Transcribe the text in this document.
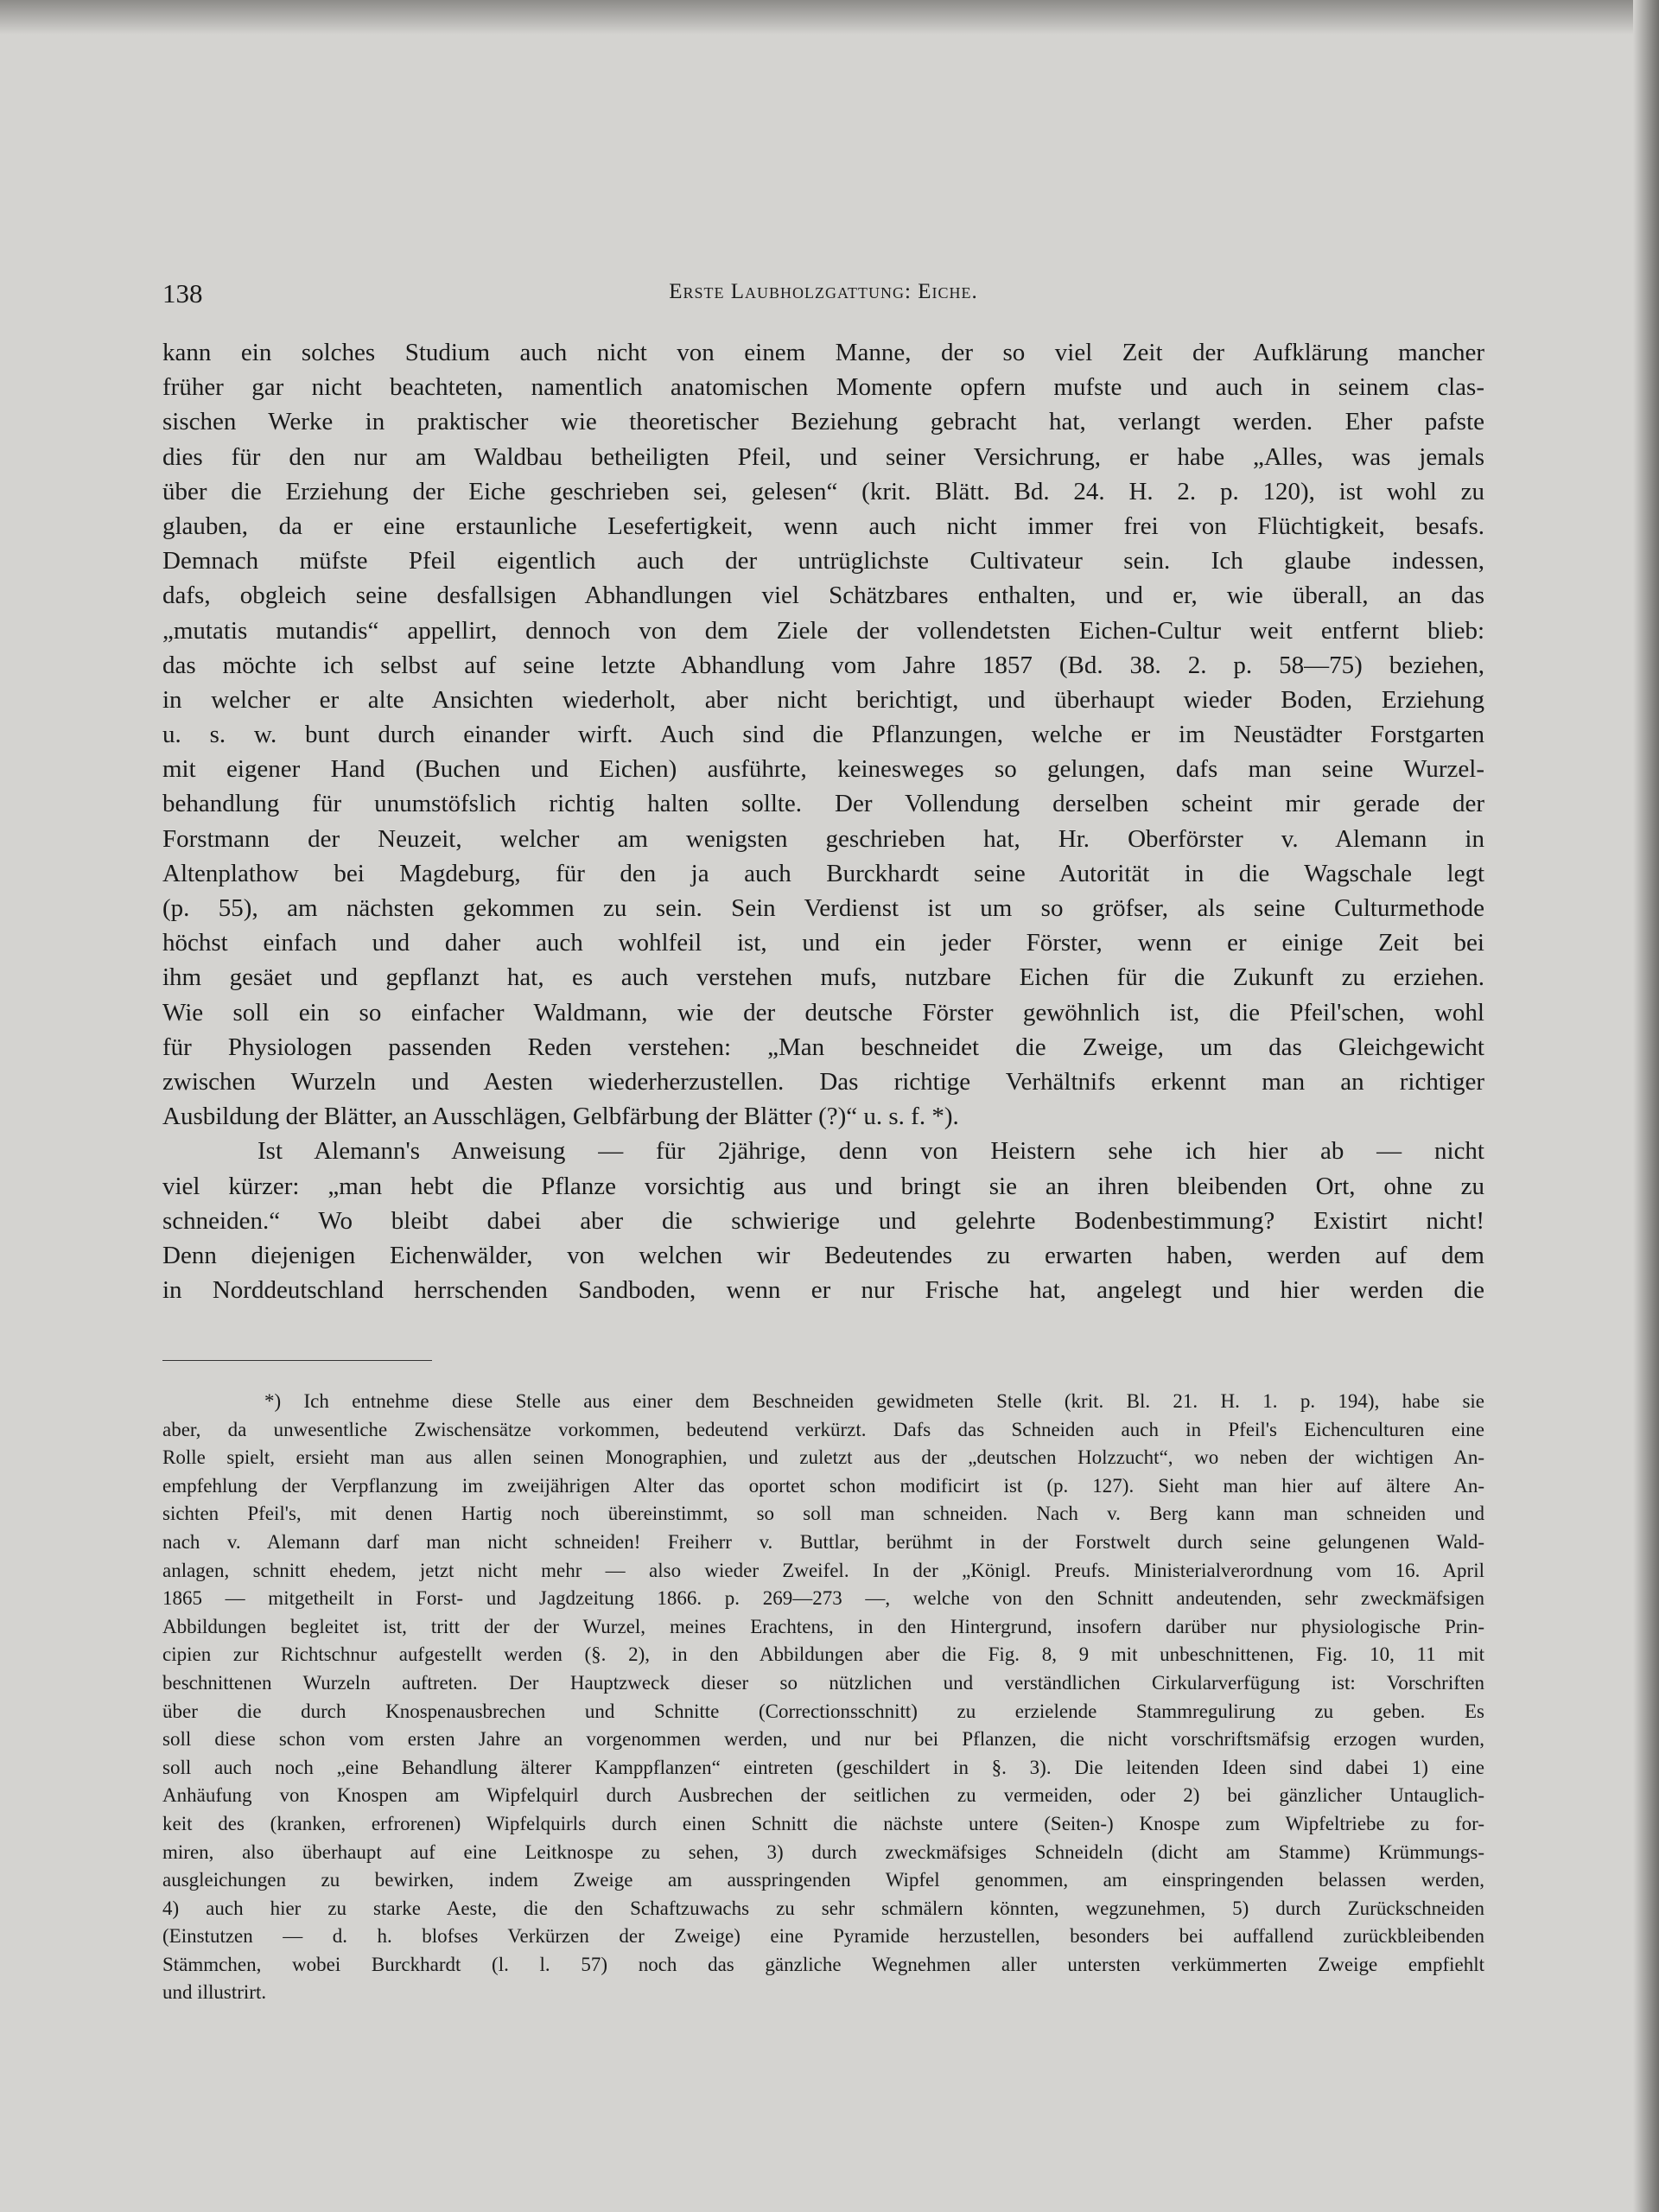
138	Erste Laubholzgattung: Eiche.
kann ein solches Studium auch nicht von einem Manne, der so viel Zeit der Aufklärung mancher
früher gar nicht beachteten, namentlich anatomischen Momente opfern mufste und auch in seinem clas-
sischen Werke in praktischer wie theoretischer Beziehung gebracht hat, verlangt werden. Eher pafste
dies für den nur am Waldbau betheiligten Pfeil, und seiner Versichrung, er habe „Alles, was jemals
über die Erziehung der Eiche geschrieben sei, gelesen“ (krit. Blätt. Bd. 24. H. 2. p. 120), ist wohl zu
glauben, da er eine erstaunliche Lesefertigkeit, wenn auch nicht immer frei von Flüchtigkeit, besafs.
Demnach müfste Pfeil eigentlich auch der untrüglichste Cultivateur sein. Ich glaube indessen,
dafs, obgleich seine desfallsigen Abhandlungen viel Schätzbares enthalten, und er, wie überall, an das
„mutatis mutandis“ appellirt, dennoch von dem Ziele der vollendetsten Eichen-Cultur weit entfernt blieb:
das möchte ich selbst auf seine letzte Abhandlung vom Jahre 1857 (Bd. 38. 2. p. 58—75) beziehen,
in welcher er alte Ansichten wiederholt, aber nicht berichtigt, und überhaupt wieder Boden, Erziehung
u. s. w. bunt durch einander wirft. Auch sind die Pflanzungen, welche er im Neustädter Forstgarten
mit eigener Hand (Buchen und Eichen) ausführte, keinesweges so gelungen, dafs man seine Wurzel-
behandlung für unumstöfslich richtig halten sollte. Der Vollendung derselben scheint mir gerade der
Forstmann der Neuzeit, welcher am wenigsten geschrieben hat, Hr. Oberförster v. Alemann in
Altenplathow bei Magdeburg, für den ja auch Burckhardt seine Autorität in die Wagschale legt
(p. 55), am nächsten gekommen zu sein. Sein Verdienst ist um so gröfser, als seine Culturmethode
höchst einfach und daher auch wohlfeil ist, und ein jeder Förster, wenn er einige Zeit bei
ihm gesäet und gepflanzt hat, es auch verstehen mufs, nutzbare Eichen für die Zukunft zu erziehen.
Wie soll ein so einfacher Waldmann, wie der deutsche Förster gewöhnlich ist, die Pfeil'schen, wohl
für Physiologen passenden Reden verstehen: „Man beschneidet die Zweige, um das Gleichgewicht
zwischen Wurzeln und Aesten wiederherzustellen. Das richtige Verhältnifs erkennt man an richtiger
Ausbildung der Blätter, an Ausschlägen, Gelbfärbung der Blätter (?)“ u. s. f. *).
Ist Alemann's Anweisung — für 2jährige, denn von Heistern sehe ich hier ab — nicht
viel kürzer: „man hebt die Pflanze vorsichtig aus und bringt sie an ihren bleibenden Ort, ohne zu
schneiden.“ Wo bleibt dabei aber die schwierige und gelehrte Bodenbestimmung? Existirt nicht!
Denn diejenigen Eichenwälder, von welchen wir Bedeutendes zu erwarten haben, werden auf dem
in Norddeutschland herrschenden Sandboden, wenn er nur Frische hat, angelegt und hier werden die
*) Ich entnehme diese Stelle aus einer dem Beschneiden gewidmeten Stelle (krit. Bl. 21. H. 1. p. 194), habe sie
aber, da unwesentliche Zwischensätze vorkommen, bedeutend verkürzt. Dafs das Schneiden auch in Pfeil's Eichenculturen eine
Rolle spielt, ersieht man aus allen seinen Monographien, und zuletzt aus der „deutschen Holzzucht“, wo neben der wichtigen An-
empfehlung der Verpflanzung im zweijährigen Alter das oportet schon modificirt ist (p. 127). Sieht man hier auf ältere An-
sichten Pfeil's, mit denen Hartig noch übereinstimmt, so soll man schneiden. Nach v. Berg kann man schneiden und
nach v. Alemann darf man nicht schneiden! Freiherr v. Buttlar, berühmt in der Forstwelt durch seine gelungenen Wald-
anlagen, schnitt ehedem, jetzt nicht mehr — also wieder Zweifel. In der „Königl. Preufs. Ministerialverordnung vom 16. April
1865 — mitgetheilt in Forst- und Jagdzeitung 1866. p. 269—273 —, welche von den Schnitt andeutenden, sehr zweckmäfsigen
Abbildungen begleitet ist, tritt der der Wurzel, meines Erachtens, in den Hintergrund, insofern darüber nur physiologische Prin-
cipien zur Richtschnur aufgestellt werden (§. 2), in den Abbildungen aber die Fig. 8, 9 mit unbeschnittenen, Fig. 10, 11 mit
beschnittenen Wurzeln auftreten. Der Hauptzweck dieser so nützlichen und verständlichen Cirkularverfügung ist: Vorschriften
über die durch Knospenausbrechen und Schnitte (Correctionsschnitt) zu erzielende Stammregulirung zu geben. Es
soll diese schon vom ersten Jahre an vorgenommen werden, und nur bei Pflanzen, die nicht vorschriftsmäfsig erzogen wurden,
soll auch noch „eine Behandlung älterer Kamppflanzen“ eintreten (geschildert in §. 3). Die leitenden Ideen sind dabei 1) eine
Anhäufung von Knospen am Wipfelquirl durch Ausbrechen der seitlichen zu vermeiden, oder 2) bei gänzlicher Untauglich-
keit des (kranken, erfrorenen) Wipfelquirls durch einen Schnitt die nächste untere (Seiten-) Knospe zum Wipfeltriebe zu for-
miren, also überhaupt auf eine Leitknospe zu sehen, 3) durch zweckmäfsiges Schneideln (dicht am Stamme) Krümmungs-
ausgleichungen zu bewirken, indem Zweige am ausspringenden Wipfel genommen, am einspringenden belassen werden,
4) auch hier zu starke Aeste, die den Schaftzuwachs zu sehr schmälern könnten, wegzunehmen, 5) durch Zurückschneiden
(Einstutzen — d. h. blofses Verkürzen der Zweige) eine Pyramide herzustellen, besonders bei auffallend zurückbleibenden
Stämmchen, wobei Burckhardt (l. l. 57) noch das gänzliche Wegnehmen aller untersten verkümmerten Zweige empfiehlt
und illustrirt.
